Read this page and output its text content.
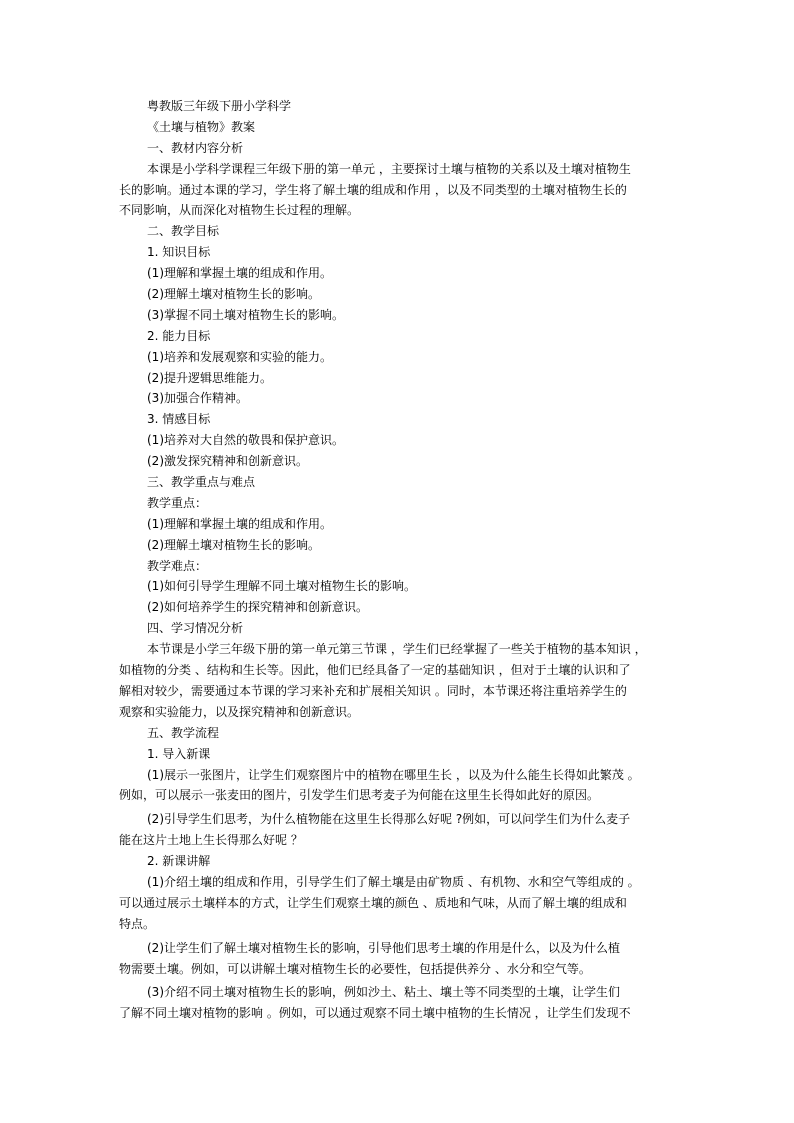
粤教版三年级下册小学科学
《土壤与植物》教案
一、教材内容分析
本课是小学科学课程三年级下册的第一单元 ，主要探讨土壤与植物的关系以及土壤对植物生
长的影响。通过本课的学习，学生将了解土壤的组成和作用 ，以及不同类型的土壤对植物生长的
不同影响，从而深化对植物生长过程的理解。
二、教学目标
1. 知识目标
(1)理解和掌握土壤的组成和作用。
(2)理解土壤对植物生长的影响。
(3)掌握不同土壤对植物生长的影响。
2. 能力目标
(1)培养和发展观察和实验的能力。
(2)提升逻辑思维能力。
(3)加强合作精神。
3. 情感目标
(1)培养对大自然的敬畏和保护意识。
(2)激发探究精神和创新意识。
三、教学重点与难点
教学重点：
(1)理解和掌握土壤的组成和作用。
(2)理解土壤对植物生长的影响。
教学难点：
(1)如何引导学生理解不同土壤对植物生长的影响。
(2)如何培养学生的探究精神和创新意识。
四、学习情况分析
本节课是小学三年级下册的第一单元第三节课 ，学生们已经掌握了一些关于植物的基本知识 ，
如植物的分类 、结构和生长等。因此，他们已经具备了一定的基础知识 ，但对于土壤的认识和了
解相对较少，需要通过本节课的学习来补充和扩展相关知识 。同时，本节课还将注重培养学生的
观察和实验能力，以及探究精神和创新意识。
五、教学流程
1. 导入新课
(1)展示一张图片，让学生们观察图片中的植物在哪里生长 ，以及为什么能生长得如此繁茂 。
例如，可以展示一张麦田的图片，引发学生们思考麦子为何能在这里生长得如此好的原因。
(2)引导学生们思考，为什么植物能在这里生长得那么好呢 ?例如，可以问学生们为什么麦子
能在这片土地上生长得那么好呢 ？
2. 新课讲解
(1)介绍土壤的组成和作用，引导学生们了解土壤是由矿物质 、有机物、水和空气等组成的 。
可以通过展示土壤样本的方式，让学生们观察土壤的颜色 、质地和气味，从而了解土壤的组成和
特点。
(2)让学生们了解土壤对植物生长的影响，引导他们思考土壤的作用是什么，以及为什么植
物需要土壤。例如，可以讲解土壤对植物生长的必要性，包括提供养分 、水分和空气等。
(3)介绍不同土壤对植物生长的影响，例如沙土、粘土、壤土等不同类型的土壤，让学生们
了解不同土壤对植物的影响 。例如，可以通过观察不同土壤中植物的生长情况 ，让学生们发现不
